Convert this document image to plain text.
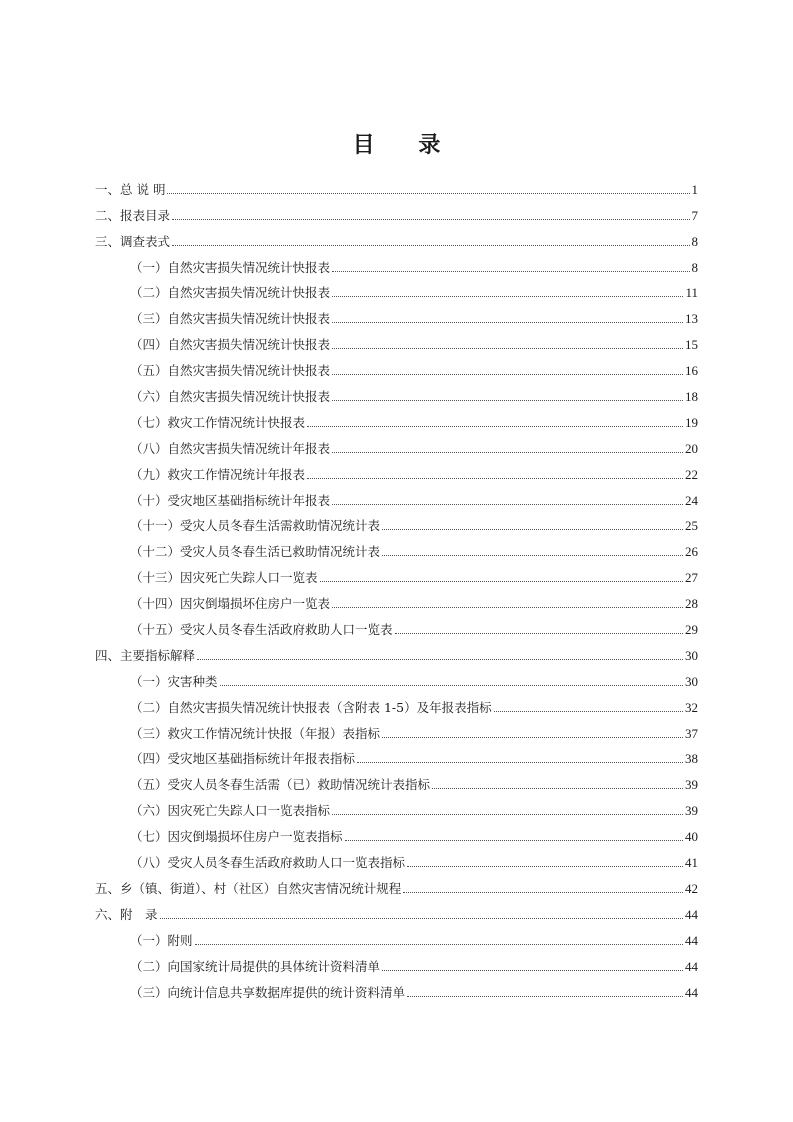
目 录
一、总 说 明	1
二、报表目录	7
三、调查表式	8
（一）自然灾害损失情况统计快报表	8
（二）自然灾害损失情况统计快报表	11
（三）自然灾害损失情况统计快报表	13
（四）自然灾害损失情况统计快报表	15
（五）自然灾害损失情况统计快报表	16
（六）自然灾害损失情况统计快报表	18
（七）救灾工作情况统计快报表	19
（八）自然灾害损失情况统计年报表	20
（九）救灾工作情况统计年报表	22
（十）受灾地区基础指标统计年报表	24
（十一）受灾人员冬春生活需救助情况统计表	25
（十二）受灾人员冬春生活已救助情况统计表	26
（十三）因灾死亡失踪人口一览表	27
（十四）因灾倒塌损坏住房户一览表	28
（十五）受灾人员冬春生活政府救助人口一览表	29
四、主要指标解释	30
（一）灾害种类	30
（二）自然灾害损失情况统计快报表（含附表 1-5）及年报表指标	32
（三）救灾工作情况统计快报（年报）表指标	37
（四）受灾地区基础指标统计年报表指标	38
（五）受灾人员冬春生活需（已）救助情况统计表指标	39
（六）因灾死亡失踪人口一览表指标	39
（七）因灾倒塌损坏住房户一览表指标	40
（八）受灾人员冬春生活政府救助人口一览表指标	41
五、乡（镇、街道）、村（社区）自然灾害情况统计规程	42
六、附　录	44
（一）附则	44
（二）向国家统计局提供的具体统计资料清单	44
（三）向统计信息共享数据库提供的统计资料清单	44
